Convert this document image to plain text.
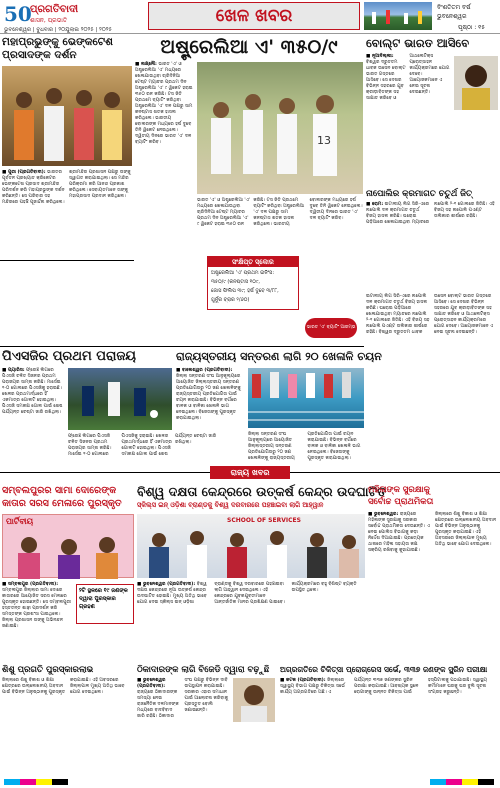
50
ପ୍ରଗତିବାଦୀ
ଶାସନ, ପ୍ରଭାତି
ଭୁବନେଶ୍ୱର | ବୁଧବାର | ୨୦ଯୁଲାଇ ୨୦୨୫ | ୨୦୨୫
ଖେଳ ଖବର	ବିଂଶତିତମ ବର୍ଷ
ଭୁବନେଶ୍ୱର
ପୃଷ୍ଠା : ୧୫
ମହାପ୍ରଭୁଙ୍କୁ ଭେଙ୍କଟେଶ
ପ୍ରସାଦଙ୍କ ଦର୍ଶନ
■ ପୁରୀ (ପ୍ରଗତିବାଦୀ): ଭାରତର ପୂର୍ବତନ ପ୍ରଖ୍ୟାତ କ୍ରିକେଟର ଭେଙ୍କଟେଶ ପ୍ରସାଦ ଶ୍ରୀମନ୍ଦିର ପରିଦର୍ଶନ କରି ମହାପ୍ରଭୁଙ୍କ ଦର୍ଶନ କରିଛନ୍ତି। ସେ ପରିବାର ସହ ମନ୍ଦିରରେ ପହଞ୍ଚି ପୂଜାର୍ଚ୍ଚନା କରିଥିଲେ। ଶ୍ରୀମନ୍ଦିର ପ୍ରଶାସନ ପକ୍ଷରୁ ତାଙ୍କୁ ସ୍ୱାଗତ କରାଯାଇଥିଲା। ସେ ମନ୍ଦିର ପରିକ୍ରମା କରି ଆନନ୍ଦ ପ୍ରକାଶ କରିଥିଲେ। ସେବାୟତମାନେ ତାଙ୍କୁ ମହାପ୍ରସାଦ ପ୍ରଦାନ କରିଥିଲେ।
ଅଷ୍ଟ୍ରେଲିଆ ଏ' ୩୫୦/୯
■ ଲକ୍ଷ୍ନୌ: ଭାରତ 'ଏ' ଓ ଅଷ୍ଟ୍ରେଲିଆ 'ଏ' ମଧ୍ୟରେ ଖେଳାଯାଉଥିବା ଚାରିଦିନିଆ ଟେଷ୍ଟ ମ୍ୟାଚର ପ୍ରଥମ ଦିନ ଅଷ୍ଟ୍ରେଲିଆ 'ଏ' ୯ ୱିକେଟ ହରାଇ ୩୫୦ ରନ କରିଛି। ଟସ ଜିତି ପ୍ରଥମେ ବ୍ୟାଟିଂ କରିଥିବା ଅଷ୍ଟ୍ରେଲିଆ 'ଏ' ଦଳ ପକ୍ଷରୁ ସାମ କନଷ୍ଟାସ ଶତକ ହାସଲ କରିଥିଲେ। ଭାରତୀୟ ବୋଲରଙ୍କ ମଧ୍ୟରେ ହର୍ଷ ଦୁବେ ତିନି ୱିକେଟ ନେଇଥିଲେ। ଦ୍ୱିତୀୟ ଦିନରେ ଭାରତ 'ଏ' ଦଳ ବ୍ୟାଟିଂ କରିବ।	13
ଭାରତ 'ଏ' ଓ ଅଷ୍ଟ୍ରେଲିଆ 'ଏ' ମଧ୍ୟରେ ଖେଳାଯାଉଥିବା ଚାରିଦିନିଆ ଟେଷ୍ଟ ମ୍ୟାଚର ପ୍ରଥମ ଦିନ ଅଷ୍ଟ୍ରେଲିଆ 'ଏ' ୯ ୱିକେଟ ହରାଇ ୩୫୦ ରନ କରିଛି। ଟସ ଜିତି ପ୍ରଥମେ ବ୍ୟାଟିଂ କରିଥିବା ଅଷ୍ଟ୍ରେଲିଆ 'ଏ' ଦଳ ପକ୍ଷରୁ ସାମ କନଷ୍ଟାସ ଶତକ ହାସଲ କରିଥିଲେ। ଭାରତୀୟ ବୋଲରଙ୍କ ମଧ୍ୟରେ ହର୍ଷ ଦୁବେ ତିନି ୱିକେଟ ନେଇଥିଲେ। ଦ୍ୱିତୀୟ ଦିନରେ ଭାରତ 'ଏ' ଦଳ ବ୍ୟାଟିଂ କରିବ।
ସଂକ୍ଷିପ୍ତ ସ୍କୋର
ଅଷ୍ଟ୍ରେଲିଆ 'ଏ' ପ୍ରଥମ ଇନିଂସ:
୩୫୦/୯ (କନଷ୍ଟାସ ୧୦୯,
ଜୋସ ଫିଲିପ ୩୯; ହର୍ଷ ଦୁବେ ୩/୮୮,
ଗୁର୍ନୁର ବ୍ରାର ୨/୬୦)
ଭାରତ 'ଏ' ବ୍ୟାଟିଂ ଆରମ୍ଭ
ବୋଲ୍ଟ ଭାରତ ଆସିବେ
■ ନୂଆଦିଲ୍ଲୀ: ବିଶ୍ୱର ଦ୍ରୁତତମ ଧାବକ ଉସେନ ବୋଲ୍ଟ ଭାରତ ଗସ୍ତରେ ଆସିବେ। ସେ ଦେଶର ବିଭିନ୍ନ ସହରରେ ଯୁବ କ୍ରୀଡ଼ାବିତଙ୍କ ସହ ସାକ୍ଷାତ କରିବେ ଓ ଆଥଲେଟିକ୍ସ ପ୍ରୋତ୍ସାହନ କାର୍ଯ୍ୟକ୍ରମରେ ଯୋଗ ଦେବେ। ଆୟୋଜକମାନେ ଏ ନେଇ ସୂଚନା ଦେଇଛନ୍ତି।
ନାପୋଲିର କ୍ରମାଗତ ଚତୁର୍ଥ ଜିତ୍
■ ରୋମ: ଇଟାଲୀୟ ଲିଗ ସିରି-ଏରେ ନାପୋଲି ଦଳ କ୍ରମାଗତ ଚତୁର୍ଥ ବିଜୟ ହାସଲ କରିଛି। ଘରୋଇ ପଡ଼ିଆରେ ଖେଳାଯାଇଥିବା ମ୍ୟାଚରେ ନାପୋଲି ୨-୧ ଗୋଲରେ ଜିତିଛି। ଏହି ବିଜୟ ସହ ନାପୋଲି ପଏଣ୍ଟ ତାଲିକାର ଶୀର୍ଷରେ ରହିଛି।
ଇଟାଲୀୟ ଲିଗ ସିରି-ଏରେ ନାପୋଲି ଦଳ କ୍ରମାଗତ ଚତୁର୍ଥ ବିଜୟ ହାସଲ କରିଛି। ଘରୋଇ ପଡ଼ିଆରେ ଖେଳାଯାଇଥିବା ମ୍ୟାଚରେ ନାପୋଲି ୨-୧ ଗୋଲରେ ଜିତିଛି। ଏହି ବିଜୟ ସହ ନାପୋଲି ପଏଣ୍ଟ ତାଲିକାର ଶୀର୍ଷରେ ରହିଛି। ବିଶ୍ୱର ଦ୍ରୁତତମ ଧାବକ ଉସେନ ବୋଲ୍ଟ ଭାରତ ଗସ୍ତରେ ଆସିବେ। ସେ ଦେଶର ବିଭିନ୍ନ ସହରରେ ଯୁବ କ୍ରୀଡ଼ାବିତଙ୍କ ସହ ସାକ୍ଷାତ କରିବେ ଓ ଆଥଲେଟିକ୍ସ ପ୍ରୋତ୍ସାହନ କାର୍ଯ୍ୟକ୍ରମରେ ଯୋଗ ଦେବେ। ଆୟୋଜକମାନେ ଏ ନେଇ ସୂଚନା ଦେଇଛନ୍ତି।
ପିଏସଜିର ପ୍ରଥମ ପରାଜୟ
■ ପ୍ୟାରିସ: ଫ୍ରେଞ୍ଚ ଲିଗରେ ପିଏସଜି ଚଳିତ ସିଜନର ପ୍ରଥମ ପରାଜୟର ସାମ୍ନା କରିଛି। ମାର୍ସେଇ ୧-୦ ଗୋଲରେ ପିଏସଜିକୁ ହରାଇଛି। ଖେଳର ପ୍ରଥମାର୍ଦ୍ଧରେ ହିଁ ଏକମାତ୍ର ଗୋଲଟି ହୋଇଥିଲା। ପିଏସଜି ସମକକ୍ଷ ଗୋଲ ପାଇଁ ଶେଷ ପର୍ଯ୍ୟନ୍ତ ଚେଷ୍ଟା ଜାରି ରଖିଥିଲା।
ଫ୍ରେଞ୍ଚ ଲିଗରେ ପିଏସଜି ଚଳିତ ସିଜନର ପ୍ରଥମ ପରାଜୟର ସାମ୍ନା କରିଛି। ମାର୍ସେଇ ୧-୦ ଗୋଲରେ ପିଏସଜିକୁ ହରାଇଛି। ଖେଳର ପ୍ରଥମାର୍ଦ୍ଧରେ ହିଁ ଏକମାତ୍ର ଗୋଲଟି ହୋଇଥିଲା। ପିଏସଜି ସମକକ୍ଷ ଗୋଲ ପାଇଁ ଶେଷ ପର୍ଯ୍ୟନ୍ତ ଚେଷ୍ଟା ଜାରି ରଖିଥିଲା।
ରାଜ୍ୟସ୍ତରୀୟ ସନ୍ତରଣ ଲାଗି ୨୦ ଖେଳାଳି ଚୟନ
■ ବାଲେଶ୍ୱର (ପ୍ରଗତିବାଦୀ): ଜିଲ୍ଲା ସନ୍ତରଣ ସଂଘ ଆନୁକୂଲ୍ୟରେ ଆୟୋଜିତ ଜିଲ୍ଲାସ୍ତରୀୟ ସନ୍ତରଣ ପ୍ରତିଯୋଗିତାରୁ ୨୦ ଜଣ ଖେଳାଳିଙ୍କୁ ରାଜ୍ୟସ୍ତରୀୟ ପ୍ରତିଯୋଗିତା ପାଇଁ ଚୟନ କରାଯାଇଛି। ବିଭିନ୍ନ ବର୍ଗରେ ବାଳକ ଓ ବାଳିକା ଖେଳାଳି ଭାଗ ନେଇଥିଲେ। ବିଜେତାଙ୍କୁ ପୁରସ୍କୃତ କରାଯାଇଥିଲା।
ଜିଲ୍ଲା ସନ୍ତରଣ ସଂଘ ଆନୁକୂଲ୍ୟରେ ଆୟୋଜିତ ଜିଲ୍ଲାସ୍ତରୀୟ ସନ୍ତରଣ ପ୍ରତିଯୋଗିତାରୁ ୨୦ ଜଣ ଖେଳାଳିଙ୍କୁ ରାଜ୍ୟସ୍ତରୀୟ ପ୍ରତିଯୋଗିତା ପାଇଁ ଚୟନ କରାଯାଇଛି। ବିଭିନ୍ନ ବର୍ଗରେ ବାଳକ ଓ ବାଳିକା ଖେଳାଳି ଭାଗ ନେଇଥିଲେ। ବିଜେତାଙ୍କୁ ପୁରସ୍କୃତ କରାଯାଇଥିଲା।
ରାଜ୍ୟ ଖବର
ସମ୍ବଲପୁରର ସାମା ଦୋରେଙ୍କ
କାତାର ସରସ ମେଳାରେ ପୁରସ୍କୃତ
ପାର୍ଟିବୀୟ
■ ସମ୍ବଲପୁର (ପ୍ରଗତିବାଦୀ): ସମ୍ବଲପୁର ଜିଲ୍ଲାର ସାମା ଦୋରେ କାତାରରେ ଆୟୋଜିତ ସରସ ମେଳାରେ ପୁରସ୍କୃତ ହୋଇଛନ୍ତି। ସେ ସମ୍ବଲପୁରୀ ହସ୍ତତନ୍ତ ଶାଢ଼ୀ ପ୍ରଦର୍ଶନ କରି ସମସ୍ତଙ୍କ ପ୍ରଶଂସା ପାଇଥିଲେ। ଜିଲ୍ଲା ପ୍ରଶାସନ ତାଙ୍କୁ ଅଭିନନ୍ଦନ ଜଣାଇଛି।
୨ଟି ସ୍ଥଳରେ ୧୯ ଜଣଙ୍କ ଦ୍ୱାରା ପୁରସ୍କାର ଗ୍ରହଣ
ବିଶ୍ୱ ଦକ୍ଷତା କେନ୍ଦ୍ରରେ ଉତ୍କର୍ଷ କେନ୍ଦ୍ର ଉଦଘାଟିତ
ସ୍କିଲ୍ସ ଇନ୍ ଓଡ଼ିଶା ବ୍ରାଣ୍ଡକୁ ବିଶ୍ୱ ଦରବାରରେ ପହଞ୍ଚାଇବା ଲାଗି ଆହ୍ୱାନ
SCHOOL OF SERVICES
■ ଭୁବନେଶ୍ୱର (ପ୍ରଗତିବାଦୀ): ବିଶ୍ୱ ଦକ୍ଷତା କେନ୍ଦ୍ରରେ ନୂଆ ଉତ୍କର୍ଷ କେନ୍ଦ୍ର ଉଦଘାଟିତ ହୋଇଛି। ମୁଖ୍ୟ ଅତିଥି ଭାବେ ଯୋଗ ଦେଇ ସ୍କିଲ୍ସ ଇନ୍ ଓଡ଼ିଶା ବ୍ରାଣ୍ଡକୁ ବିଶ୍ୱ ଦରବାରରେ ପହଞ୍ଚାଇବା ଲାଗି ଆହ୍ୱାନ ଦେଇଥିଲେ। ଏହି କେନ୍ଦ୍ରରେ ଯୁବକଯୁବତୀମାନେ ଆନ୍ତର୍ଜାତିକ ମାନର ପ୍ରଶିକ୍ଷଣ ପାଇବେ। କାର୍ଯ୍ୟକ୍ରମରେ ବହୁ ବିଶିଷ୍ଟ ବ୍ୟକ୍ତି ଉପସ୍ଥିତ ଥିଲେ।
ମହିଳାଙ୍କ ସୁରକ୍ଷାକୁ
ସର୍ବୋଚ୍ଚ ପ୍ରାଥମିକତା
■ ଭୁବନେଶ୍ୱର: ରାଜ୍ୟରେ ମହିଳାଙ୍କ ସୁରକ୍ଷାକୁ ସରକାର ସର୍ବୋଚ୍ଚ ପ୍ରାଥମିକତା ଦେଉଛନ୍ତି। ଏ ନେଇ ପୋଲିସ ବିଭାଗକୁ କଡ଼ା ନିର୍ଦ୍ଦେଶ ଦିଆଯାଇଛି। ପ୍ରତ୍ୟେକ ଥାନାରେ ମହିଳା ସହାୟତା କକ୍ଷ ସକ୍ରିୟ ରଖିବାକୁ କୁହାଯାଇଛି। ଜିଲ୍ଲାରେ ଶିଶୁ ବିକାଶ ଓ ଶିକ୍ଷା କ୍ଷେତ୍ରରେ ଉଲ୍ଲେଖନୀୟ ଅବଦାନ ପାଇଁ ବିଭିନ୍ନ ଅନୁଷ୍ଠାନକୁ ପୁରସ୍କୃତ କରାଯାଇଛି। ଏହି ଅବସରରେ ଜିଲ୍ଲାପାଳ ମୁଖ୍ୟ ଅତିଥି ଭାବେ ଯୋଗ ଦେଇଥିଲେ।
ଶିଶୁ ପ୍ରଗତି ପୁରସ୍କାରଲାଭ
ଜିଲ୍ଲାରେ ଶିଶୁ ବିକାଶ ଓ ଶିକ୍ଷା କ୍ଷେତ୍ରରେ ଉଲ୍ଲେଖନୀୟ ଅବଦାନ ପାଇଁ ବିଭିନ୍ନ ଅନୁଷ୍ଠାନକୁ ପୁରସ୍କୃତ କରାଯାଇଛି। ଏହି ଅବସରରେ ଜିଲ୍ଲାପାଳ ମୁଖ୍ୟ ଅତିଥି ଭାବେ ଯୋଗ ଦେଇଥିଲେ।
ଠିକାଦାରଙ୍କ ଲାଗି ବିଜେଡି ଦ୍ୱାରା ବଢ଼ୁଛି
■ ଭୁବନେଶ୍ୱର (ପ୍ରଗତିବାଦୀ): ରାଜ୍ୟରେ ଠିକାଦାରଙ୍କ ସମସ୍ୟା ନେଇ ରାଜନୈତିକ ଦଳମାନଙ୍କ ମଧ୍ୟରେ ବାଦବିବାଦ ଜାରି ରହିଛି। ଠିକାଦାର ସଂଘ ପକ୍ଷରୁ ବିଭିନ୍ନ ଦାବି ଉପସ୍ଥାପନ କରାଯାଇଛି। ସରକାର ଏହାର ସମାଧାନ ପାଇଁ ଆଲୋଚନା କରିବାକୁ ପ୍ରସ୍ତୁତ ବୋଲି ଜଣାଇଛନ୍ତି।
ଅଗ୍ରଗତିରେ ଚିକିତ୍ସା ପ୍ରୋଗ୍ରେସ ସର୍ଭେ, ୩୩୭ ଜଣଙ୍କ ସ୍କ୍ରିନ ପରୀକ୍ଷା
■ କଟକ (ପ୍ରଗତିବାଦୀ): ଜିଲ୍ଲାରେ ସ୍ୱାସ୍ଥ୍ୟ ବିଭାଗ ପକ୍ଷରୁ ଚିକିତ୍ସା ସର୍ଭେ କାର୍ଯ୍ୟ ଅଗ୍ରଗତିରେ ଅଛି। ଏ ପର୍ଯ୍ୟନ୍ତ ୩୩୭ ଜଣଙ୍କର ସ୍କ୍ରିନ ପରୀକ୍ଷା କରାଯାଇଛି। ଆବଶ୍ୟକ ସ୍ଥଳେ ରୋଗୀଙ୍କୁ ଉନ୍ନତ ଚିକିତ୍ସା ପାଇଁ ହସ୍ପିଟାଲକୁ ପଠାଯାଉଛି। ସ୍ୱାସ୍ଥ୍ୟ କର୍ମୀମାନେ ଘରକୁ ଘର ବୁଲି ସୂଚନା ସଂଗ୍ରହ କରୁଛନ୍ତି।
